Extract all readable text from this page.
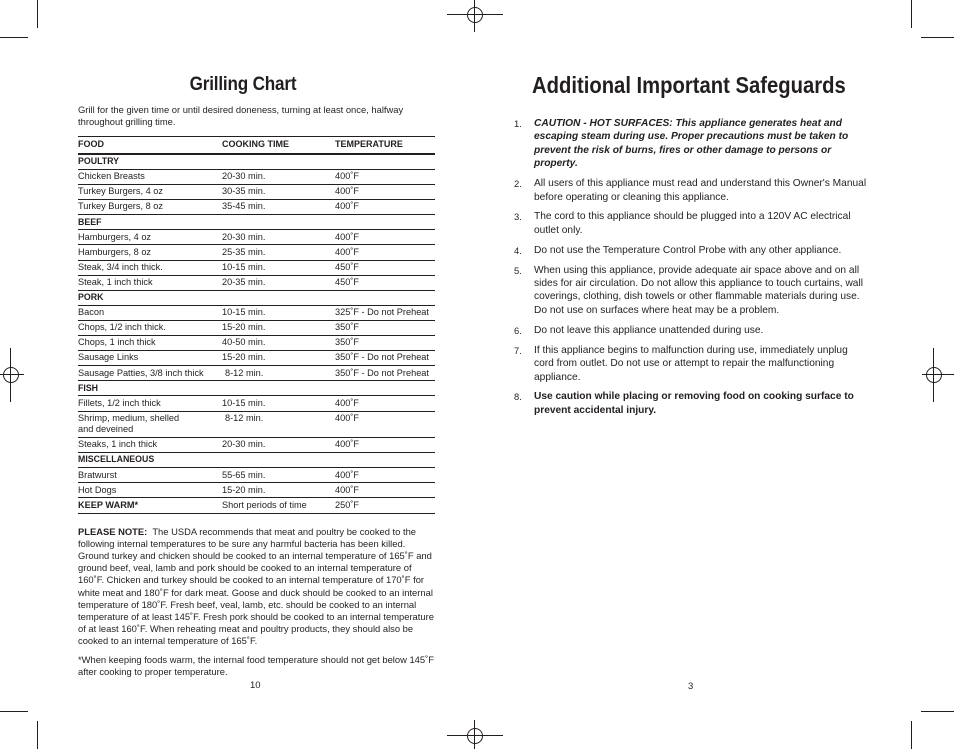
Grilling Chart
Grill for the given time or until desired doneness, turning at least once, halfway throughout grilling time.
FOOD	COOKING TIME	TEMPERATURE
POULTRY		
Chicken Breasts	20-30 min.	400˚F
Turkey Burgers, 4 oz	30-35 min.	400˚F
Turkey Burgers, 8 oz	35-45 min.	400˚F
BEEF		
Hamburgers, 4 oz	20-30 min.	400˚F
Hamburgers, 8 oz	25-35 min.	400˚F
Steak, 3/4 inch thick.	10-15 min.	450˚F
Steak, 1 inch thick	20-35 min.	450˚F
PORK		
Bacon	10-15 min.	325˚F - Do not Preheat
Chops, 1/2 inch thick.	15-20 min.	350˚F
Chops, 1 inch thick	40-50 min.	350˚F
Sausage Links	15-20 min.	350˚F - Do not Preheat
Sausage Patties, 3/8 inch thick	8-12 min.	350˚F - Do not Preheat
FISH		
Fillets, 1/2 inch thick	10-15 min.	400˚F
Shrimp, medium, shelled
and deveined	8-12 min.	400˚F
Steaks, 1 inch thick	20-30 min.	400˚F
MISCELLANEOUS		
Bratwurst	55-65 min.	400˚F
Hot Dogs	15-20 min.	400˚F
KEEP WARM*	Short periods of time	250˚F
PLEASE NOTE: The USDA recommends that meat and poultry be cooked to the following internal temperatures to be sure any harmful bacteria has been killed. Ground turkey and chicken should be cooked to an internal temperature of 165˚F and ground beef, veal, lamb and pork should be cooked to an internal temperature of 160˚F. Chicken and turkey should be cooked to an internal temperature of 170˚F for white meat and 180˚F for dark meat. Goose and duck should be cooked to an internal temperature of 180˚F. Fresh beef, veal, lamb, etc. should be cooked to an internal temperature of at least 145˚F. Fresh pork should be cooked to an internal temperature of at least 160˚F. When reheating meat and poultry products, they should also be cooked to an internal temperature of 165˚F.
*When keeping foods warm, the internal food temperature should not get below 145˚F after cooking to proper temperature.
10
Additional Important Safeguards
1. CAUTION - HOT SURFACES: This appliance generates heat and escaping steam during use. Proper precautions must be taken to prevent the risk of burns, fires or other damage to persons or property.
2. All users of this appliance must read and understand this Owner's Manual before operating or cleaning this appliance.
3. The cord to this appliance should be plugged into a 120V AC electrical outlet only.
4. Do not use the Temperature Control Probe with any other appliance.
5. When using this appliance, provide adequate air space above and on all sides for air circulation. Do not allow this appliance to touch curtains, wall coverings, clothing, dish towels or other flammable materials during use. Do not use on surfaces where heat may be a problem.
6. Do not leave this appliance unattended during use.
7. If this appliance begins to malfunction during use, immediately unplug cord from outlet. Do not use or attempt to repair the malfunctioning appliance.
8. Use caution while placing or removing food on cooking surface to prevent accidental injury.
3
